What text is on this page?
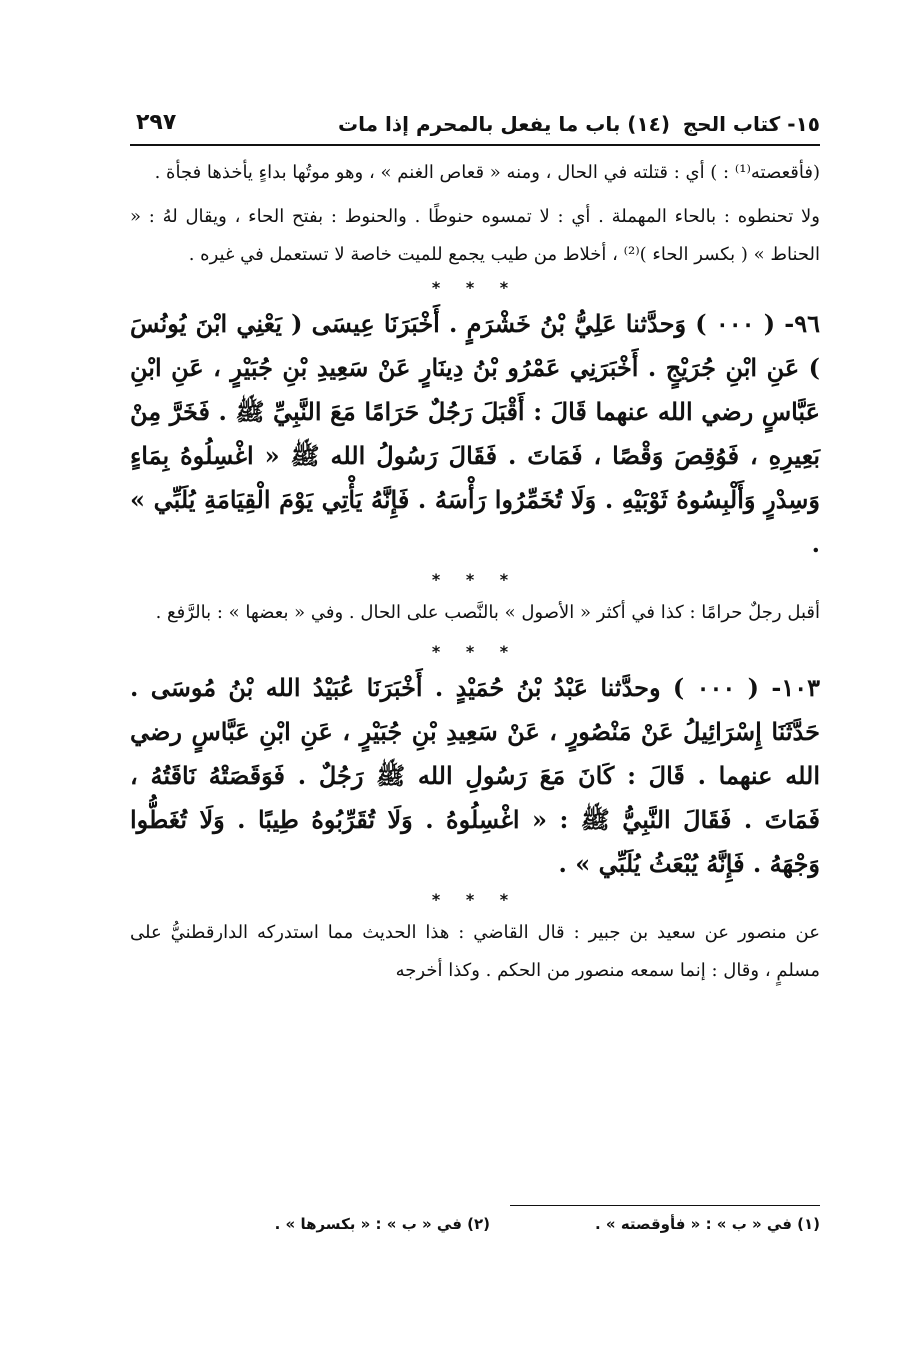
١٥- كتاب الحج
(١٤) باب ما يفعل بالمحرم إذا مات
٢٩٧

(فأقعصته⁽¹⁾ : ) أي : قتلته في الحال ، ومنه « قعاص الغنم » ، وهو موتُها بداءٍ يأخذها فجأة .

ولا تحنطوه : بالحاء المهملة . أي : لا تمسوه حنوطًا . والحنوط : بفتح الحاء ، ويقال لهُ : « الحناط » ( بكسر الحاء )⁽²⁾ ، أخلاط من طيب يجمع للميت خاصة لا تستعمل في غيره .

* * *

٩٦- ( ٠٠٠ ) وَحدَّثنا عَلِيُّ بْنُ خَشْرَمٍ . أَخْبَرَنَا عِيسَى ( يَعْنِي ابْنَ يُونُسَ ) عَنِ ابْنِ جُرَيْجٍ . أَخْبَرَنِي عَمْرُو بْنُ دِينَارٍ عَنْ سَعِيدِ بْنِ جُبَيْرٍ ، عَنِ ابْنِ عَبَّاسٍ رضي الله عنهما قَالَ : أَقْبَلَ رَجُلٌ حَرَامًا مَعَ النَّبِيِّ ﷺ . فَخَرَّ مِنْ بَعِيرِهِ ، فَوُقِصَ وَقْصًا ، فَمَاتَ . فَقَالَ رَسُولُ الله ﷺ « اغْسِلُوهُ بِمَاءٍ وَسِدْرٍ وَأَلْبِسُوهُ ثَوْبَيْهِ . وَلَا تُخَمِّرُوا رَأْسَهُ . فَإِنَّهُ يَأْتِي يَوْمَ الْقِيَامَةِ يُلَبِّي » .

* * *

أقبل رجلٌ حرامًا : كذا في أكثر « الأصول » بالنَّصب على الحال . وفي « بعضها » : بالرَّفع .

* * *

١٠٣- ( ٠٠٠ ) وحدَّثنا عَبْدُ بْنُ حُمَيْدٍ . أَخْبَرَنَا عُبَيْدُ الله بْنُ مُوسَى . حَدَّثَنَا إِسْرَائِيلُ عَنْ مَنْصُورٍ ، عَنْ سَعِيدِ بْنِ جُبَيْرٍ ، عَنِ ابْنِ عَبَّاسٍ رضي الله عنهما . قَالَ : كَانَ مَعَ رَسُولِ الله ﷺ رَجُلٌ . فَوَقَصَتْهُ نَاقَتُهُ ، فَمَاتَ . فَقَالَ النَّبِيُّ ﷺ : « اغْسِلُوهُ . وَلَا تُقَرِّبُوهُ طِيبًا . وَلَا تُغَطُّوا وَجْهَهُ . فَإِنَّهُ يُبْعَثُ يُلَبِّي » .

* * *

عن منصور عن سعيد بن جبير : قال القاضي : هذا الحديث مما استدركه الدارقطنيُّ على مسلمٍ ، وقال : إنما سمعه منصور من الحكم . وكذا أخرجه

(١) في « ب » : « فأوقصته » .
(٢) في « ب » : « بكسرها » .
